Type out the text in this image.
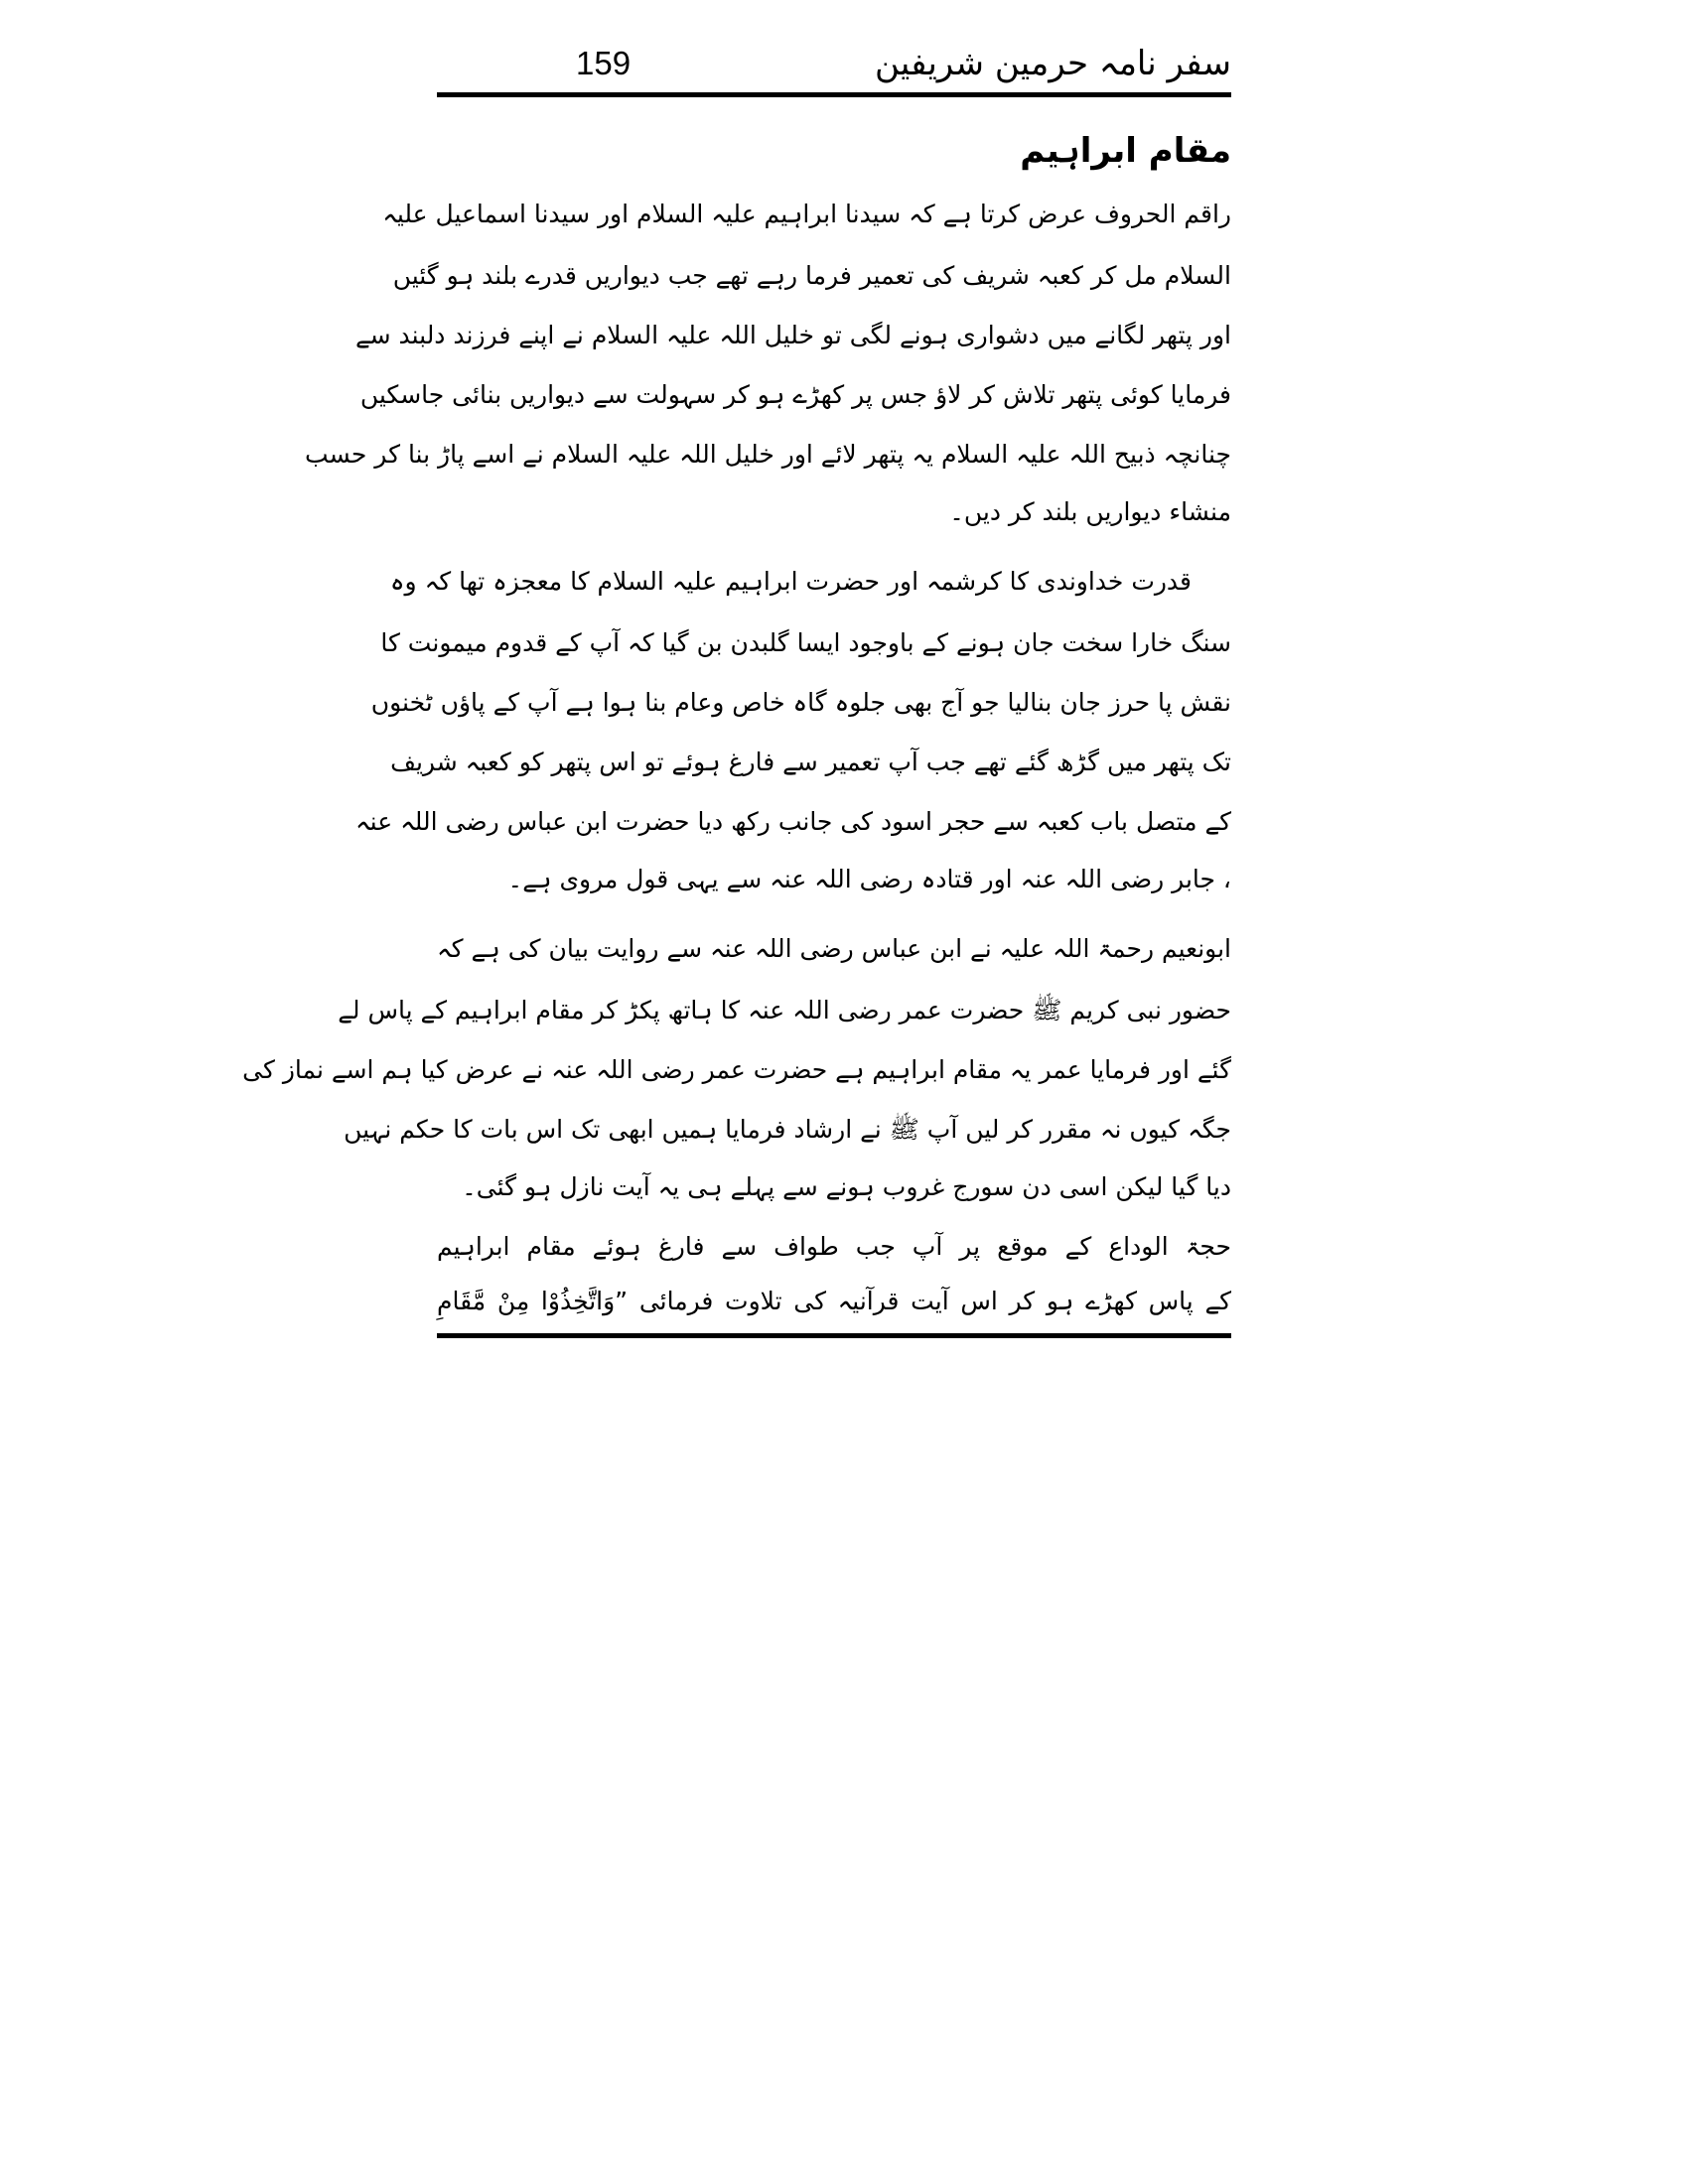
159	سفر نامہ حرمین شریفین
مقام ابراہیم
راقم الحروف عرض کرتا ہے کہ سیدنا ابراہیم علیہ السلام اور سیدنا اسماعیل علیہ
السلام مل کر کعبہ شریف کی تعمیر فرما رہے تھے جب دیواریں قدرے بلند ہو گئیں
اور پتھر لگانے میں دشواری ہونے لگی تو خلیل اللہ علیہ السلام نے اپنے فرزند دلبند سے
فرمایا کوئی پتھر تلاش کر لاؤ جس پر کھڑے ہو کر سہولت سے دیواریں بنائی جاسکیں
چنانچہ ذبیح اللہ علیہ السلام یہ پتھر لائے اور خلیل اللہ علیہ السلام نے اسے پاڑ بنا کر حسب
منشاء دیواریں بلند کر دیں۔
قدرت خداوندی کا کرشمہ اور حضرت ابراہیم علیہ السلام کا معجزہ تھا کہ وہ
سنگ خارا سخت جان ہونے کے باوجود ایسا گلبدن بن گیا کہ آپ کے قدوم میمونت کا
نقش پا حرز جان بنالیا جو آج بھی جلوہ گاہ خاص وعام بنا ہوا ہے آپ کے پاؤں ٹخنوں
تک پتھر میں گڑھ گئے تھے جب آپ تعمیر سے فارغ ہوئے تو اس پتھر کو کعبہ شریف
کے متصل باب کعبہ سے حجر اسود کی جانب رکھ دیا حضرت ابن عباس رضی اللہ عنہ
، جابر رضی اللہ عنہ اور قتادہ رضی اللہ عنہ سے یہی قول مروی ہے۔
ابونعیم رحمۃ اللہ علیہ نے ابن عباس رضی اللہ عنہ سے روایت بیان کی ہے کہ
حضور نبی کریم ﷺ حضرت عمر رضی اللہ عنہ کا ہاتھ پکڑ کر مقام ابراہیم کے پاس لے
گئے اور فرمایا عمر یہ مقام ابراہیم ہے حضرت عمر رضی اللہ عنہ نے عرض کیا ہم اسے نماز کی
جگہ کیوں نہ مقرر کر لیں آپ ﷺ نے ارشاد فرمایا ہمیں ابھی تک اس بات کا حکم نہیں
دیا گیا لیکن اسی دن سورج غروب ہونے سے پہلے ہی یہ آیت نازل ہو گئی۔
حجۃ الوداع کے موقع پر آپ جب طواف سے فارغ ہوئے مقام ابراہیم
کے پاس کھڑے ہو کر اس آیت قرآنیہ کی تلاوت فرمائی ”وَاتَّخِذُوْا مِنْ مَّقَامِ
